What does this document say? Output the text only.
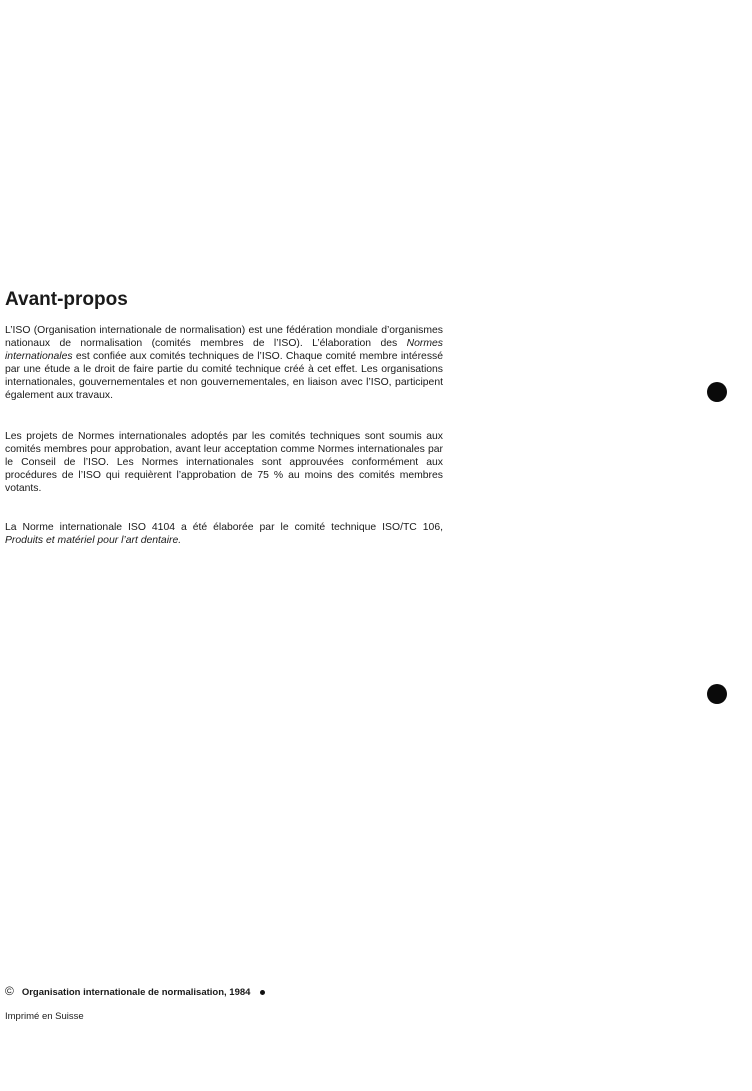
Avant-propos

L’ISO (Organisation internationale de normalisation) est une fédération mondiale d’organismes nationaux de normalisation (comités membres de l’ISO). L’élaboration des Normes internationales est confiée aux comités techniques de l’ISO. Chaque comité membre intéressé par une étude a le droit de faire partie du comité technique créé à cet effet. Les organisations internationales, gouvernementales et non gouvernementales, en liaison avec l’ISO, participent également aux travaux.

Les projets de Normes internationales adoptés par les comités techniques sont soumis aux comités membres pour approbation, avant leur acceptation comme Normes internationales par le Conseil de l’ISO. Les Normes internationales sont approuvées conformément aux procédures de l’ISO qui requièrent l’approbation de 75 % au moins des comités membres votants.

La Norme internationale ISO 4104 a été élaborée par le comité technique ISO/TC 106, Produits et matériel pour l’art dentaire.

© Organisation internationale de normalisation, 1984
Imprimé en Suisse
